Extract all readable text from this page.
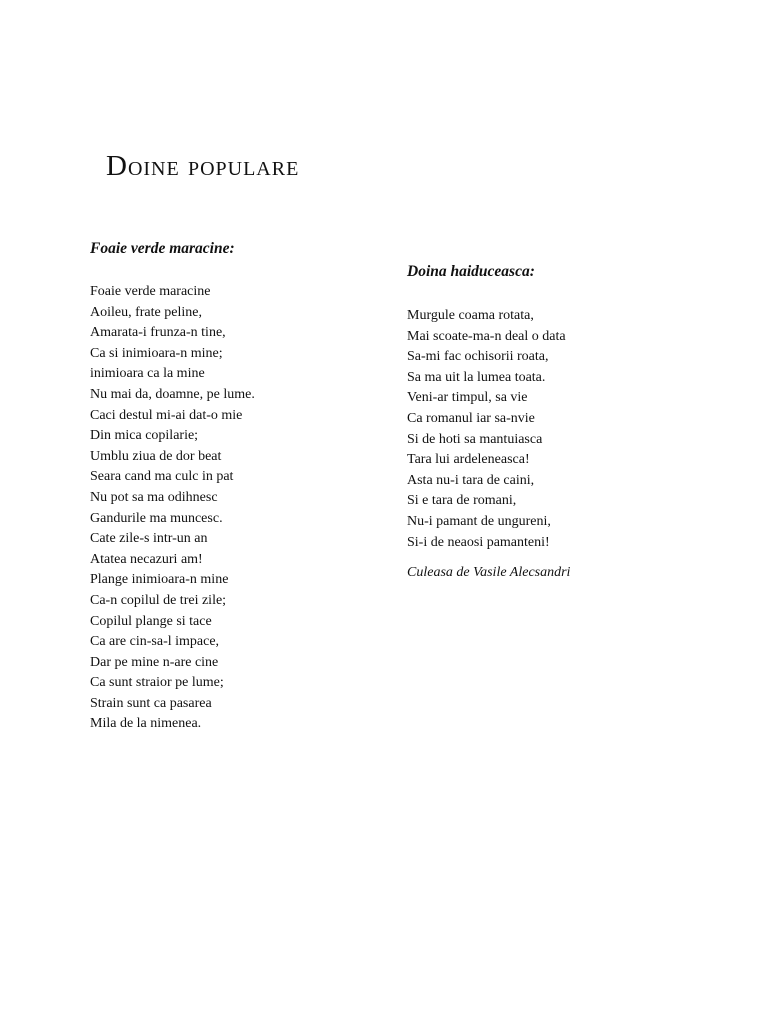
Doine populare
Foaie verde maracine:
Foaie verde maracine
Aoileu, frate peline,
Amarata-i frunza-n tine,
Ca si inimioara-n mine;
inimioara ca la mine
Nu mai da, doamne, pe lume.
Caci destul mi-ai dat-o mie
Din mica copilarie;
Umblu ziua de dor beat
Seara cand ma culc in pat
Nu pot sa ma odihnesc
Gandurile ma muncesc.
Cate zile-s intr-un an
Atatea necazuri am!
Plange inimioara-n mine
Ca-n copilul de trei zile;
Copilul plange si tace
Ca are cin-sa-l impace,
Dar pe mine n-are cine
Ca sunt straior pe lume;
Strain sunt ca pasarea
Mila de la nimenea.
Doina haiduceasca:
Murgule coama rotata,
Mai scoate-ma-n deal o data
Sa-mi fac ochisorii roata,
Sa ma uit la lumea toata.
Veni-ar timpul, sa vie
Ca romanul iar sa-nvie
Si de hoti sa mantuiasca
Tara lui ardeleneasca!
Asta nu-i tara de caini,
Si e tara de romani,
Nu-i pamant de ungureni,
Si-i de neaosi pamanteni!

Culeasa de Vasile Alecsandri
